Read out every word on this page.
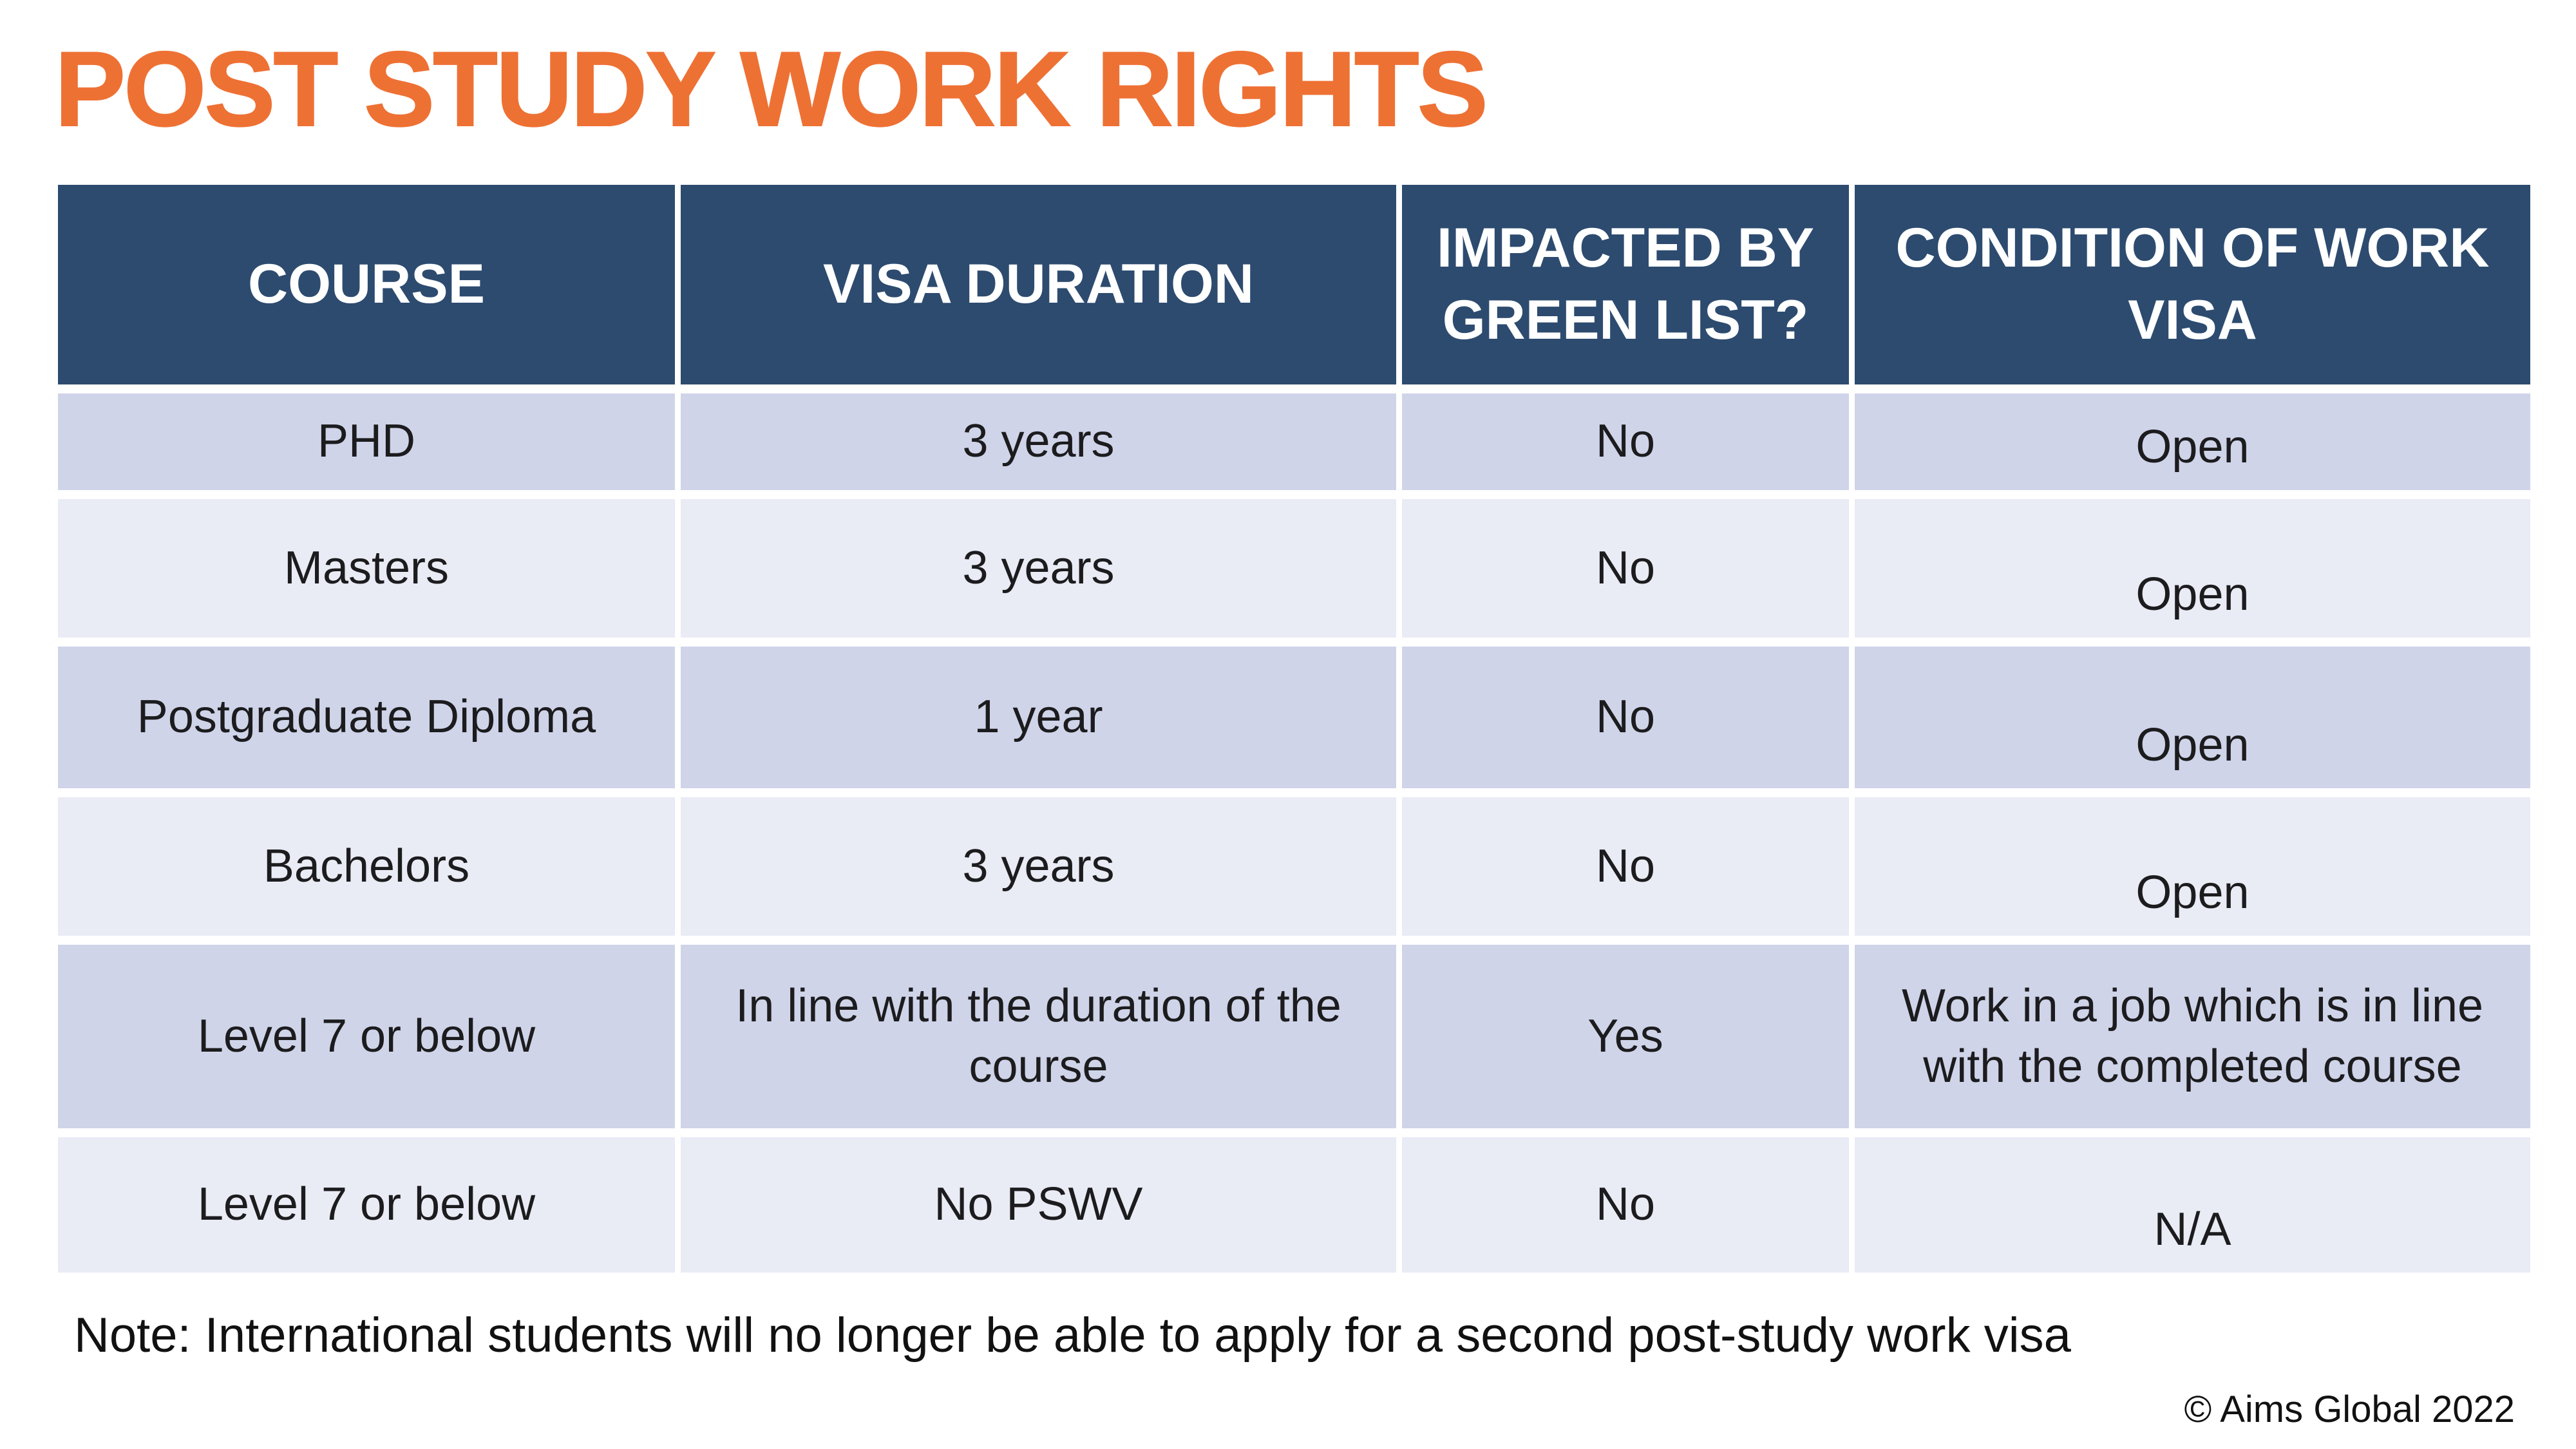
POST STUDY WORK RIGHTS
COURSE	VISA DURATION	IMPACTED BY GREEN LIST?	CONDITION OF WORK VISA
PHD	3 years	No	Open
Masters	3 years	No	Open
Postgraduate Diploma	1 year	No	Open
Bachelors	3 years	No	Open
Level 7 or below	In line with the duration of the course	Yes	Work in a job which is in line with the completed course
Level 7 or below	No PSWV	No	N/A

Note: International students will no longer be able to apply for a second post-study work visa

© Aims Global 2022
